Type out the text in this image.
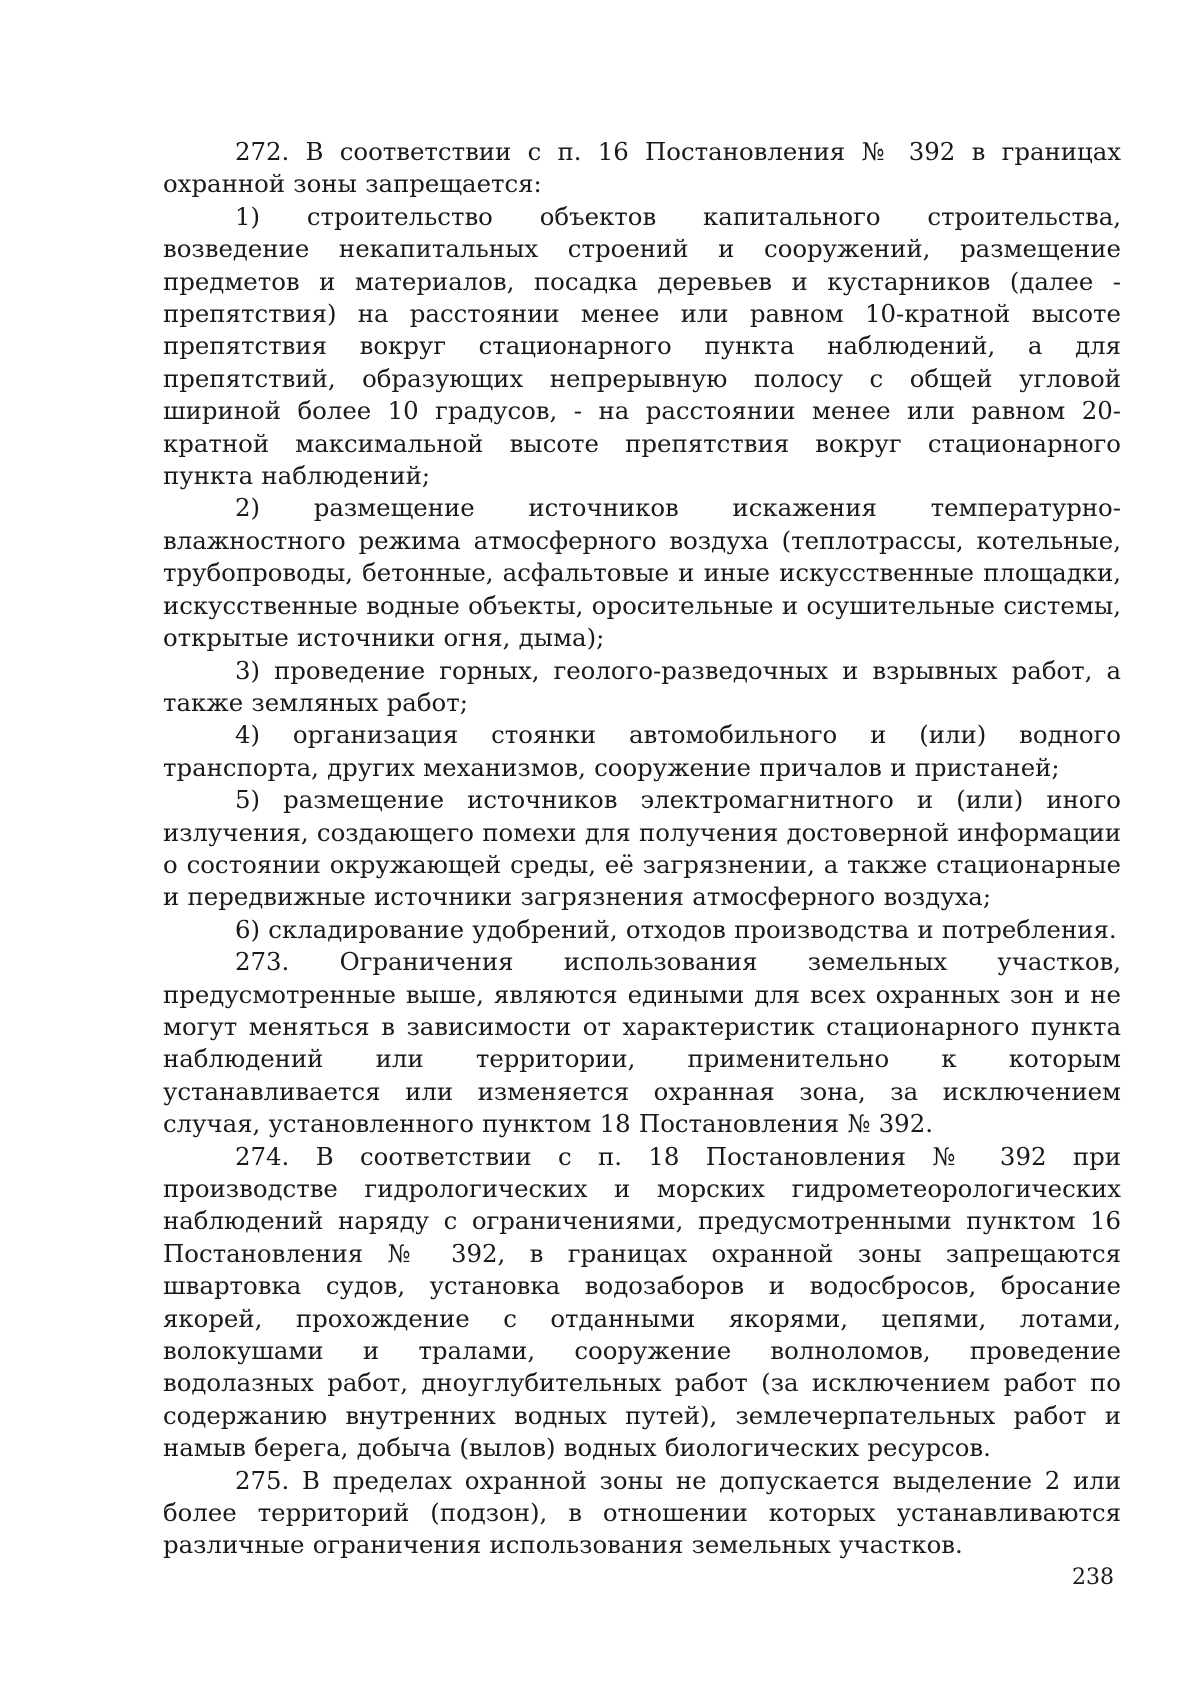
272. В соответствии с п. 16 Постановления № 392 в границах охранной зоны запрещается:

1) строительство объектов капитального строительства, возведение некапитальных строений и сооружений, размещение предметов и материалов, посадка деревьев и кустарников (далее - препятствия) на расстоянии менее или равном 10-кратной высоте препятствия вокруг стационарного пункта наблюдений, а для препятствий, образующих непрерывную полосу с общей угловой шириной более 10 градусов, - на расстоянии менее или равном 20-кратной максимальной высоте препятствия вокруг стационарного пункта наблюдений;

2) размещение источников искажения температурно-влажностного режима атмосферного воздуха (теплотрассы, котельные, трубопроводы, бетонные, асфальтовые и иные искусственные площадки, искусственные водные объекты, оросительные и осушительные системы, открытые источники огня, дыма);

3) проведение горных, геолого-разведочных и взрывных работ, а также земляных работ;

4) организация стоянки автомобильного и (или) водного транспорта, других механизмов, сооружение причалов и пристаней;

5) размещение источников электромагнитного и (или) иного излучения, создающего помехи для получения достоверной информации о состоянии окружающей среды, её загрязнении, а также стационарные и передвижные источники загрязнения атмосферного воздуха;

6) складирование удобрений, отходов производства и потребления.

273. Ограничения использования земельных участков, предусмотренные выше, являются едиными для всех охранных зон и не могут меняться в зависимости от характеристик стационарного пункта наблюдений или территории, применительно к которым устанавливается или изменяется охранная зона, за исключением случая, установленного пунктом 18 Постановления № 392.

274. В соответствии с п. 18 Постановления № 392 при производстве гидрологических и морских гидрометеорологических наблюдений наряду с ограничениями, предусмотренными пунктом 16 Постановления № 392, в границах охранной зоны запрещаются швартовка судов, установка водозаборов и водосбросов, бросание якорей, прохождение с отданными якорями, цепями, лотами, волокушами и тралами, сооружение волноломов, проведение водолазных работ, дноуглубительных работ (за исключением работ по содержанию внутренних водных путей), землечерпательных работ и намыв берега, добыча (вылов) водных биологических ресурсов.

275. В пределах охранной зоны не допускается выделение 2 или более территорий (подзон), в отношении которых устанавливаются различные ограничения использования земельных участков.

238
